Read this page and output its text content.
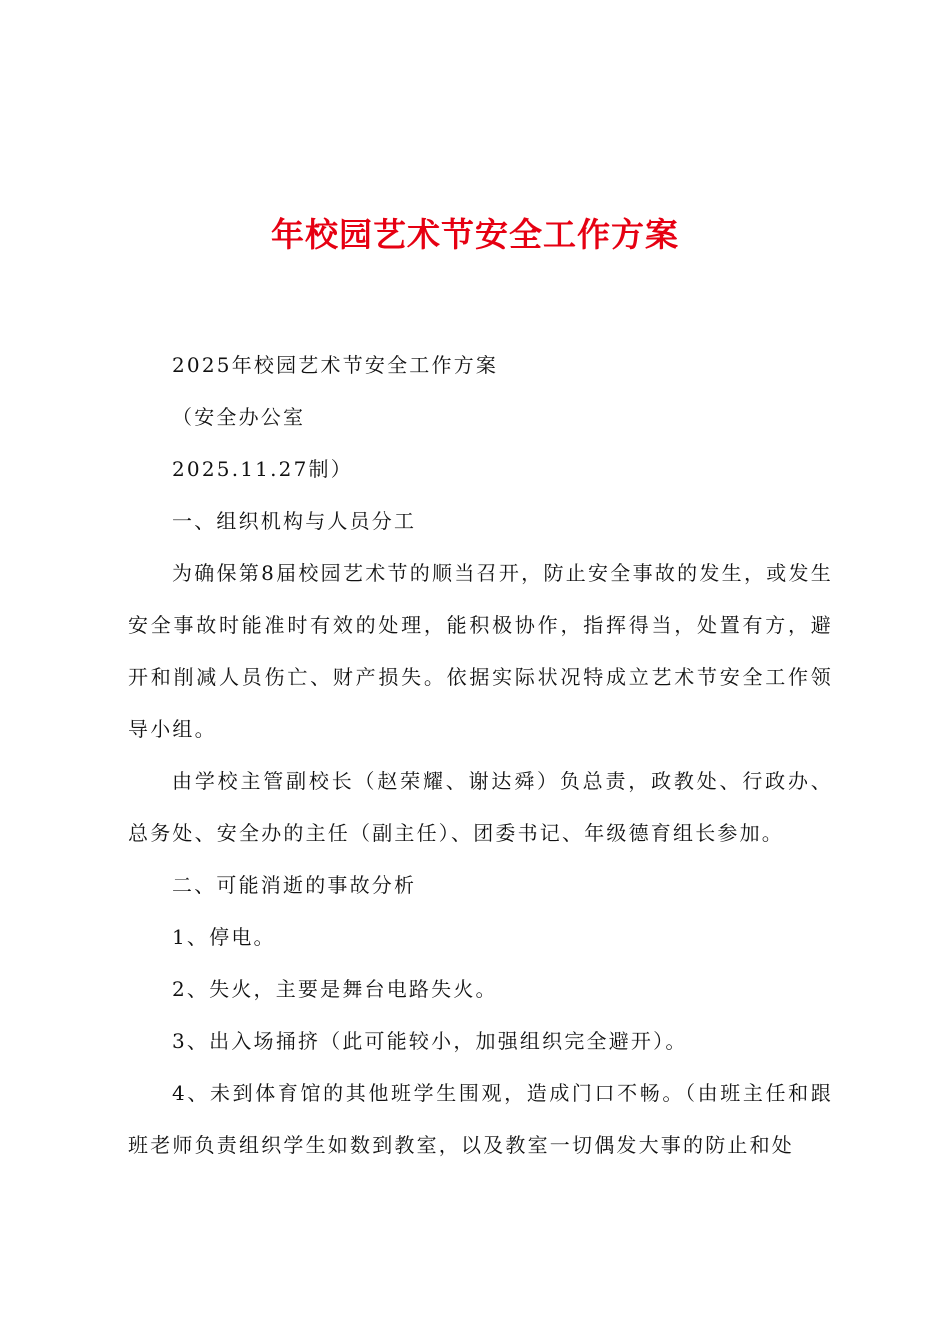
年校园艺术节安全工作方案

2025年校园艺术节安全工作方案

（安全办公室

2025.11.27制）

一、组织机构与人员分工

为确保第8届校园艺术节的顺当召开，防止安全事故的发生，或发生安全事故时能准时有效的处理，能积极协作，指挥得当，处置有方，避开和削减人员伤亡、财产损失。依据实际状况特成立艺术节安全工作领导小组。

由学校主管副校长（赵荣耀、谢达舜）负总责，政教处、行政办、总务处、安全办的主任（副主任）、团委书记、年级德育组长参加。

二、可能消逝的事故分析

1、停电。

2、失火，主要是舞台电路失火。

3、出入场捅挤（此可能较小，加强组织完全避开）。

4、未到体育馆的其他班学生围观，造成门口不畅。（由班主任和跟班老师负责组织学生如数到教室，以及教室一切偶发大事的防止和处
